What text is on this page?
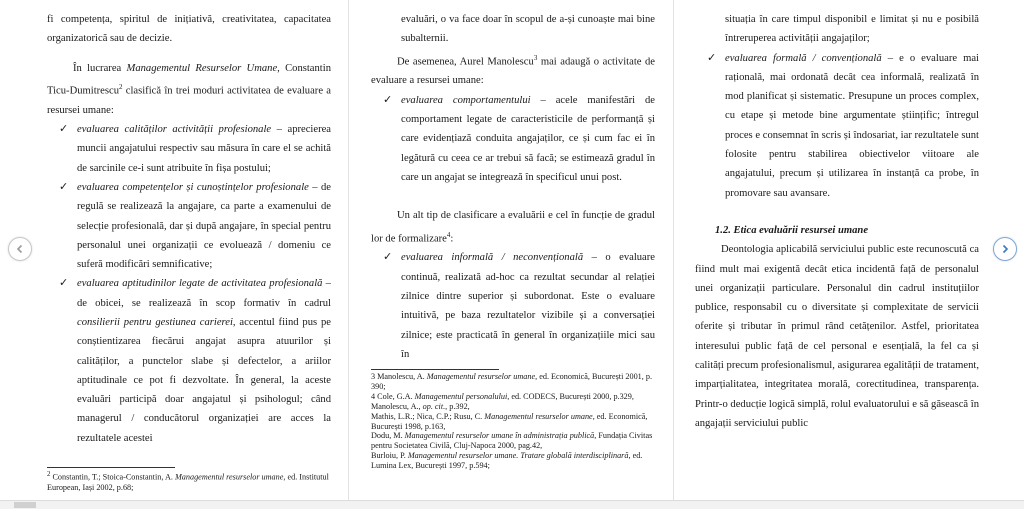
fi competența, spiritul de inițiativă, creativitatea, capacitatea organizatorică sau de decizie.

În lucrarea Managementul Resurselor Umane, Constantin Ticu-Dumitrescu$^2$ clasifică în trei moduri activitatea de evaluare a resursei umane:

✓ evaluarea calităților activității profesionale – aprecierea muncii angajatului respectiv sau măsura în care el se achită de sarcinile ce-i sunt atribuite în fișa postului;
✓ evaluarea competențelor și cunoștințelor profesionale – de regulă se realizează la angajare, ca parte a examenului de selecție profesională, dar și după angajare, în special pentru personalul unei organizații ce evoluează / domeniu ce suferă modificări semnificative;
✓ evaluarea aptitudinilor legate de activitatea profesională – de obicei, se realizează în scop formativ în cadrul consilierii pentru gestiunea carierei, accentul fiind pus pe conștientizarea fiecărui angajat asupra atuurilor și calităților, a punctelor slabe și defectelor, a ariilor aptitudinale ce pot fi dezvoltate. În general, la aceste evaluări participă doar angajatul și psihologul; când managerul / conducătorul organizației are acces la rezultatele acestei
$^2$ Constantin, T.; Stoica-Constantin, A. Managementul resurselor umane, ed. Institutul European, Iași 2002, p.68;

evaluări, o va face doar în scopul de a-și cunoaște mai bine subalternii.

De asemenea, Aurel Manolescu$^3$ mai adaugă o activitate de evaluare a resursei umane:

✓ evaluarea comportamentului – acele manifestări de comportament legate de caracteristicile de performanță și care evidențiază conduita angajaților, ce și cum fac ei în legătură cu ceea ce ar trebui să facă; se estimează gradul în care un angajat se integrează în specificul unui post.

Un alt tip de clasificare a evaluării e cel în funcție de gradul lor de formalizare$^4$:

✓ evaluarea informală / neconvențională – o evaluare continuă, realizată ad-hoc ca rezultat secundar al relației zilnice dintre superior și subordonat. Este o evaluare intuitivă, pe baza rezultatelor vizibile și a conversației zilnice; este practicată în general în organizațiile mici sau în
3 Manolescu, A. Managementul resurselor umane, ed. Economică, București 2001, p. 390;
4 Cole, G.A. Managementul personalului, ed. CODECS, București 2000, p.329,
Manolescu, A., op. cit., p.392,
Mathis, L.R.; Nica, C.P.; Rusu, C. Managementul resurselor umane, ed. Economică, București 1998, p.163,
Dodu, M. Managementul resurselor umane în administrația publică, Fundația Civitas pentru Societatea Civilă, Cluj-Napoca 2000, pag.42,
Burloiu, P. Managementul resurselor umane. Tratare globală interdisciplinară, ed. Lumina Lex, București 1997, p.594;

situația în care timpul disponibil e limitat și nu e posibilă întreruperea activității angajaților;

✓ evaluarea formală / convențională – e o evaluare mai rațională, mai ordonată decât cea informală, realizată în mod planificat și sistematic. Presupune un proces complex, cu etape și metode bine argumentate științific; întregul proces e consemnat în scris și îndosariat, iar rezultatele sunt folosite pentru stabilirea obiectivelor viitoare ale angajatului, precum și utilizarea în instanță ca probe, în promovare sau avansare.
1.2. Etica evaluării resursei umane

Deontologia aplicabilă serviciului public este recunoscută ca fiind mult mai exigentă decât etica incidentă față de personalul unei organizații particulare. Personalul din cadrul instituțiilor publice, responsabil cu o diversitate și complexitate de servicii oferite și tributar în primul rând cetățenilor. Astfel, prioritatea interesului public față de cel personal e esențială, la fel ca și calități precum profesionalismul, asigurarea egalității de tratament, imparțialitatea, integritatea morală, corectitudinea, transparența. Printr-o deducție logică simplă, rolul evaluatorului e să găsească în angajații serviciului public
